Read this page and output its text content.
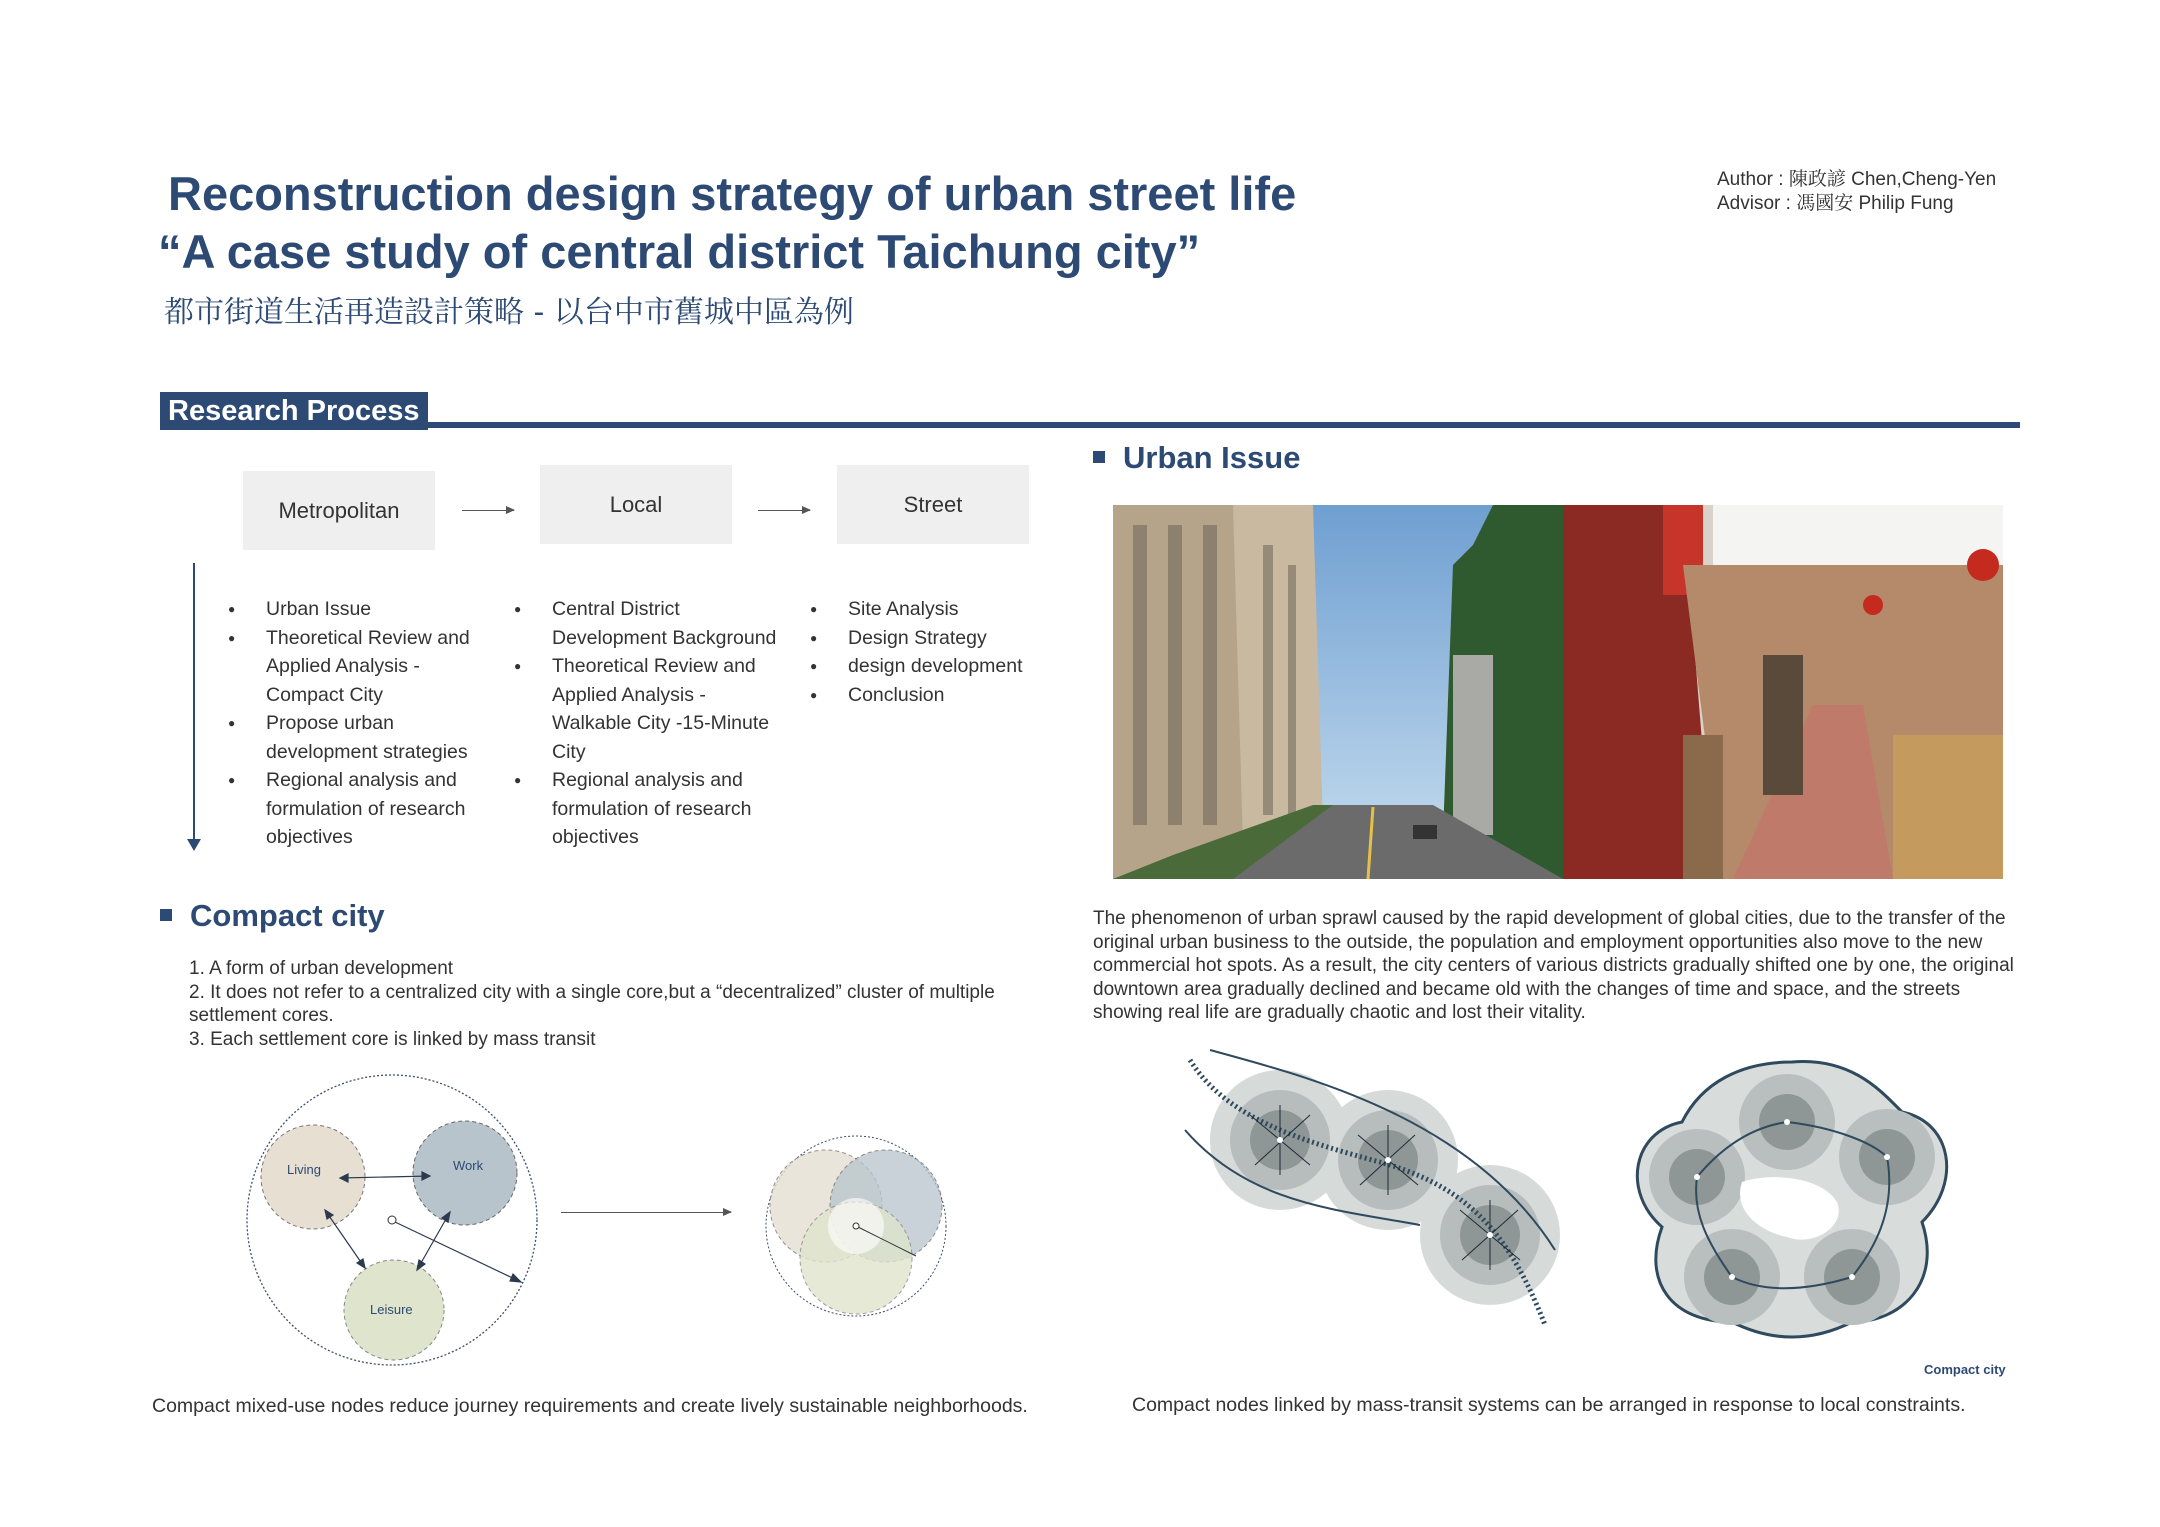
Reconstruction design strategy of urban street life
“A case study of central district Taichung city”
都市街道生活再造設計策略 - 以台中市舊城中區為例
Author : 陳政諺 Chen,Cheng-Yen
Advisor : 馮國安 Philip Fung
Research Process
Metropolitan	Local	Street
● Urban Issue
● Theoretical Review and Applied Analysis -Compact City
● Propose urban development strategies
● Regional analysis and formulation of research objectives
● Central District Development Background
● Theoretical Review and Applied Analysis -Walkable City -15-Minute City
● Regional analysis and formulation of research objectives
● Site Analysis
● Design Strategy
● design development
● Conclusion
Urban Issue
The phenomenon of urban sprawl caused by the rapid development of global cities, due to the transfer of the original urban business to the outside, the population and employment opportunities also move to the new commercial hot spots. As a result, the city centers of various districts gradually shifted one by one, the original downtown area gradually declined and became old with the changes of time and space, and the streets showing real life are gradually chaotic and lost their vitality.
Compact city
1. A form of urban development
2. It does not refer to a centralized city with a single core,but a “decentralized” cluster of multiple settlement cores.
3. Each settlement core is linked by mass transit
Living	Work
Leisure
Compact city
Compact mixed-use nodes reduce journey requirements and create lively sustainable neighborhoods.	Compact nodes linked by mass-transit systems can be arranged in response to local constraints.
